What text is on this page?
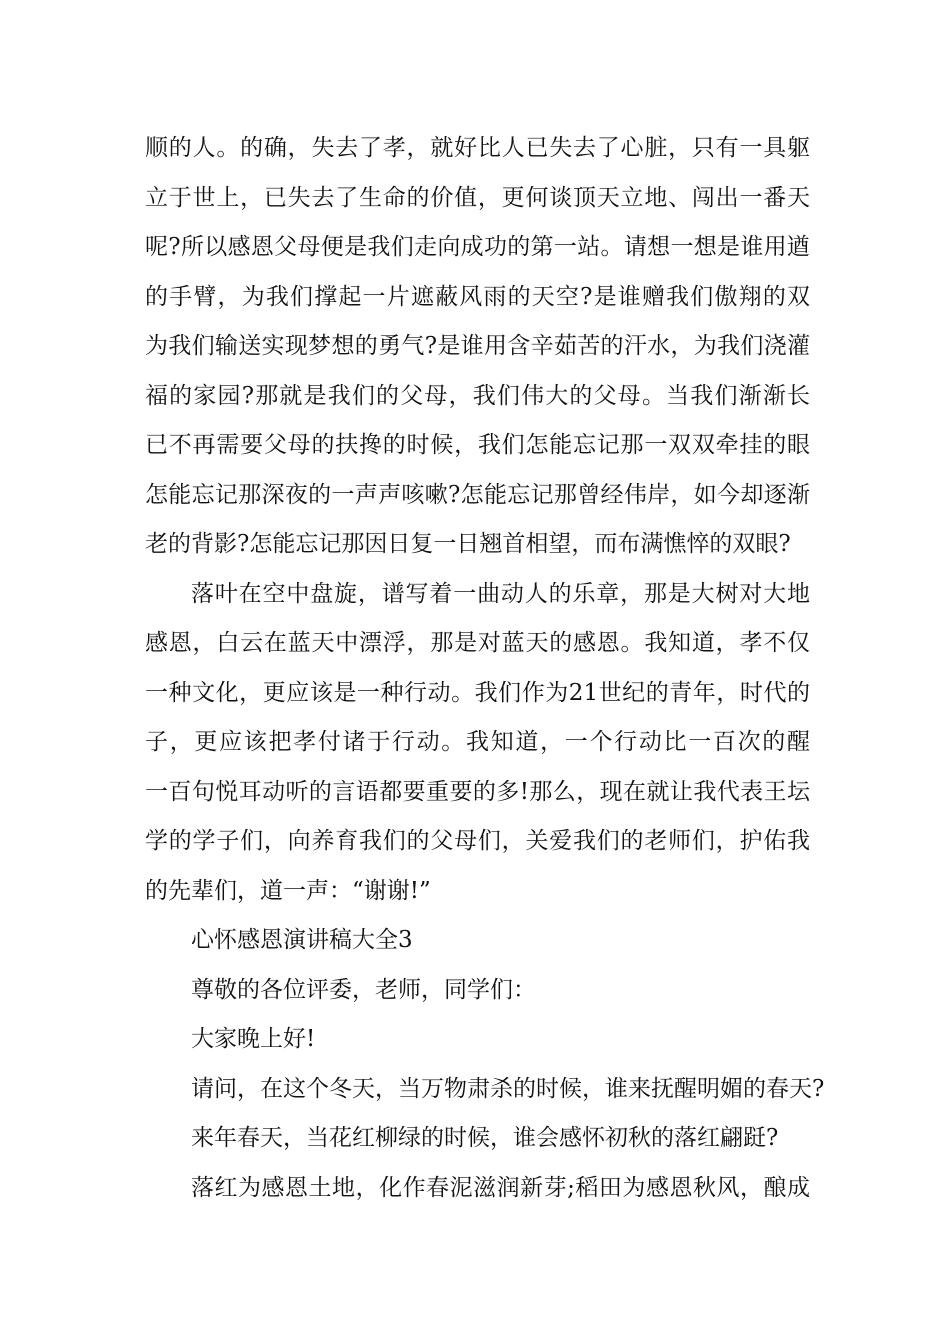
顺的人。的确，失去了孝，就好比人已失去了心脏，只有一具躯
立于世上，已失去了生命的价值，更何谈顶天立地、闯出一番天
呢?所以感恩父母便是我们走向成功的第一站。请想一想是谁用遒
的手臂，为我们撑起一片遮蔽风雨的天空?是谁赠我们傲翔的双
为我们输送实现梦想的勇气?是谁用含辛茹苦的汗水，为我们浇灌
福的家园?那就是我们的父母，我们伟大的父母。当我们渐渐长
已不再需要父母的扶搀的时候，我们怎能忘记那一双双牵挂的眼
怎能忘记那深夜的一声声咳嗽?怎能忘记那曾经伟岸，如今却逐渐
老的背影?怎能忘记那因日复一日翘首相望，而布满憔悴的双眼?
落叶在空中盘旋，谱写着一曲动人的乐章，那是大树对大地
感恩，白云在蓝天中漂浮，那是对蓝天的感恩。我知道，孝不仅
一种文化，更应该是一种行动。我们作为21世纪的青年，时代的
子，更应该把孝付诸于行动。我知道，一个行动比一百次的醒
一百句悦耳动听的言语都要重要的多!那么，现在就让我代表王坛
学的学子们，向养育我们的父母们，关爱我们的老师们，护佑我
的先辈们，道一声：“谢谢!”
心怀感恩演讲稿大全3
尊敬的各位评委，老师，同学们：
大家晚上好!
请问，在这个冬天，当万物肃杀的时候，谁来抚醒明媚的春天?
来年春天，当花红柳绿的时候，谁会感怀初秋的落红翩跹?
落红为感恩土地，化作春泥滋润新芽;稻田为感恩秋风，酿成
